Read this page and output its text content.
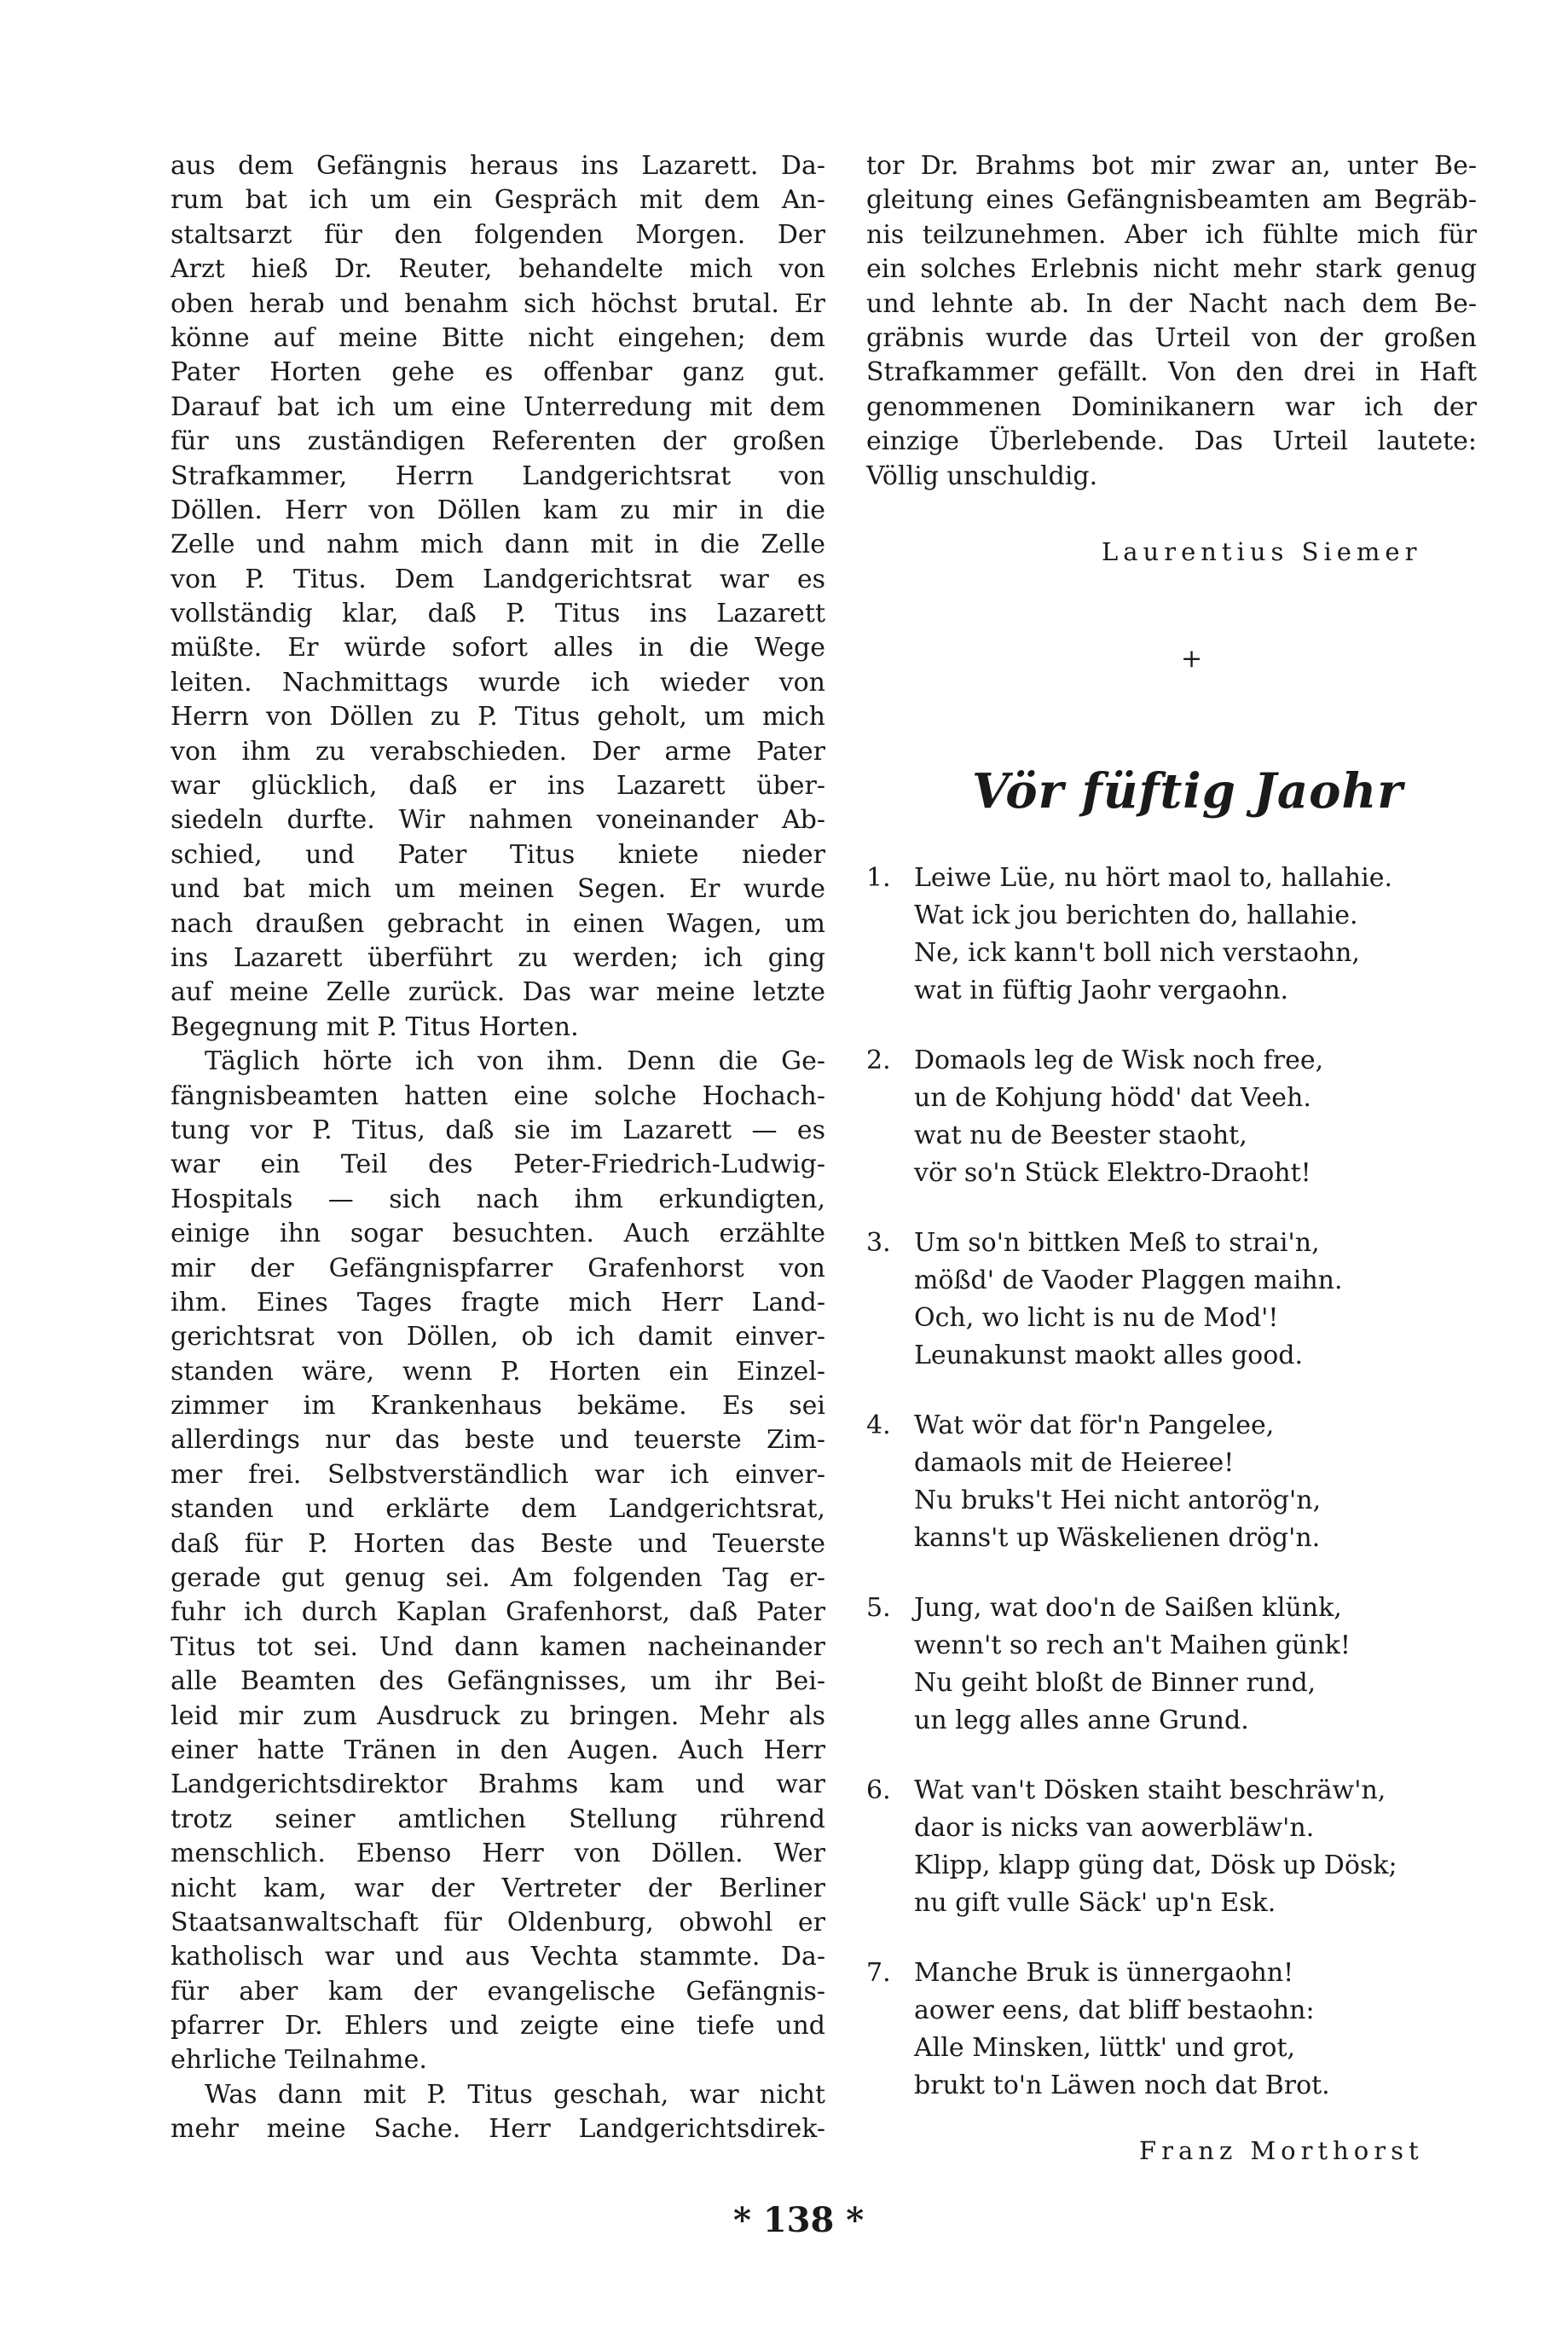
aus dem Gefängnis heraus ins Lazarett. Da-
rum bat ich um ein Gespräch mit dem An-
staltsarzt für den folgenden Morgen. Der
Arzt hieß Dr. Reuter, behandelte mich von
oben herab und benahm sich höchst brutal. Er
könne auf meine Bitte nicht eingehen; dem
Pater Horten gehe es offenbar ganz gut.
Darauf bat ich um eine Unterredung mit dem
für uns zuständigen Referenten der großen
Strafkammer, Herrn Landgerichtsrat von
Döllen. Herr von Döllen kam zu mir in die
Zelle und nahm mich dann mit in die Zelle
von P. Titus. Dem Landgerichtsrat war es
vollständig klar, daß P. Titus ins Lazarett
müßte. Er würde sofort alles in die Wege
leiten. Nachmittags wurde ich wieder von
Herrn von Döllen zu P. Titus geholt, um mich
von ihm zu verabschieden. Der arme Pater
war glücklich, daß er ins Lazarett über-
siedeln durfte. Wir nahmen voneinander Ab-
schied, und Pater Titus kniete nieder
und bat mich um meinen Segen. Er wurde
nach draußen gebracht in einen Wagen, um
ins Lazarett überführt zu werden; ich ging
auf meine Zelle zurück. Das war meine letzte
Begegnung mit P. Titus Horten.
Täglich hörte ich von ihm. Denn die Ge-
fängnisbeamten hatten eine solche Hochach-
tung vor P. Titus, daß sie im Lazarett — es
war ein Teil des Peter-Friedrich-Ludwig-
Hospitals — sich nach ihm erkundigten,
einige ihn sogar besuchten. Auch erzählte
mir der Gefängnispfarrer Grafenhorst von
ihm. Eines Tages fragte mich Herr Land-
gerichtsrat von Döllen, ob ich damit einver-
standen wäre, wenn P. Horten ein Einzel-
zimmer im Krankenhaus bekäme. Es sei
allerdings nur das beste und teuerste Zim-
mer frei. Selbstverständlich war ich einver-
standen und erklärte dem Landgerichtsrat,
daß für P. Horten das Beste und Teuerste
gerade gut genug sei. Am folgenden Tag er-
fuhr ich durch Kaplan Grafenhorst, daß Pater
Titus tot sei. Und dann kamen nacheinander
alle Beamten des Gefängnisses, um ihr Bei-
leid mir zum Ausdruck zu bringen. Mehr als
einer hatte Tränen in den Augen. Auch Herr
Landgerichtsdirektor Brahms kam und war
trotz seiner amtlichen Stellung rührend
menschlich. Ebenso Herr von Döllen. Wer
nicht kam, war der Vertreter der Berliner
Staatsanwaltschaft für Oldenburg, obwohl er
katholisch war und aus Vechta stammte. Da-
für aber kam der evangelische Gefängnis-
pfarrer Dr. Ehlers und zeigte eine tiefe und
ehrliche Teilnahme.
Was dann mit P. Titus geschah, war nicht
mehr meine Sache. Herr Landgerichtsdirek-
tor Dr. Brahms bot mir zwar an, unter Be-
gleitung eines Gefängnisbeamten am Begräb-
nis teilzunehmen. Aber ich fühlte mich für
ein solches Erlebnis nicht mehr stark genug
und lehnte ab. In der Nacht nach dem Be-
gräbnis wurde das Urteil von der großen
Strafkammer gefällt. Von den drei in Haft
genommenen Dominikanern war ich der
einzige Überlebende. Das Urteil lautete:
Völlig unschuldig.
Laurentius Siemer
+
Vör füftig Jaohr
1. Leiwe Lüe, nu hört maol to, hallahie.
Wat ick jou berichten do, hallahie.
Ne, ick kann't boll nich verstaohn,
wat in füftig Jaohr vergaohn.
2. Domaols leg de Wisk noch free,
un de Kohjung hödd' dat Veeh.
wat nu de Beester staoht,
vör so'n Stück Elektro-Draoht!
3. Um so'n bittken Meß to strai'n,
mößd' de Vaoder Plaggen maihn.
Och, wo licht is nu de Mod'!
Leunakunst maokt alles good.
4. Wat wör dat för'n Pangelee,
damaols mit de Heieree!
Nu bruks't Hei nicht antorög'n,
kanns't up Wäskelienen drög'n.
5. Jung, wat doo'n de Saißen klünk,
wenn't so rech an't Maihen günk!
Nu geiht bloßt de Binner rund,
un legg alles anne Grund.
6. Wat van't Dösken staiht beschräw'n,
daor is nicks van aowerbläw'n.
Klipp, klapp güng dat, Dösk up Dösk;
nu gift vulle Säck' up'n Esk.
7. Manche Bruk is ünnergaohn!
aower eens, dat bliff bestaohn:
Alle Minsken, lüttk' und grot,
brukt to'n Läwen noch dat Brot.
Franz Morthorst
* 138 *
